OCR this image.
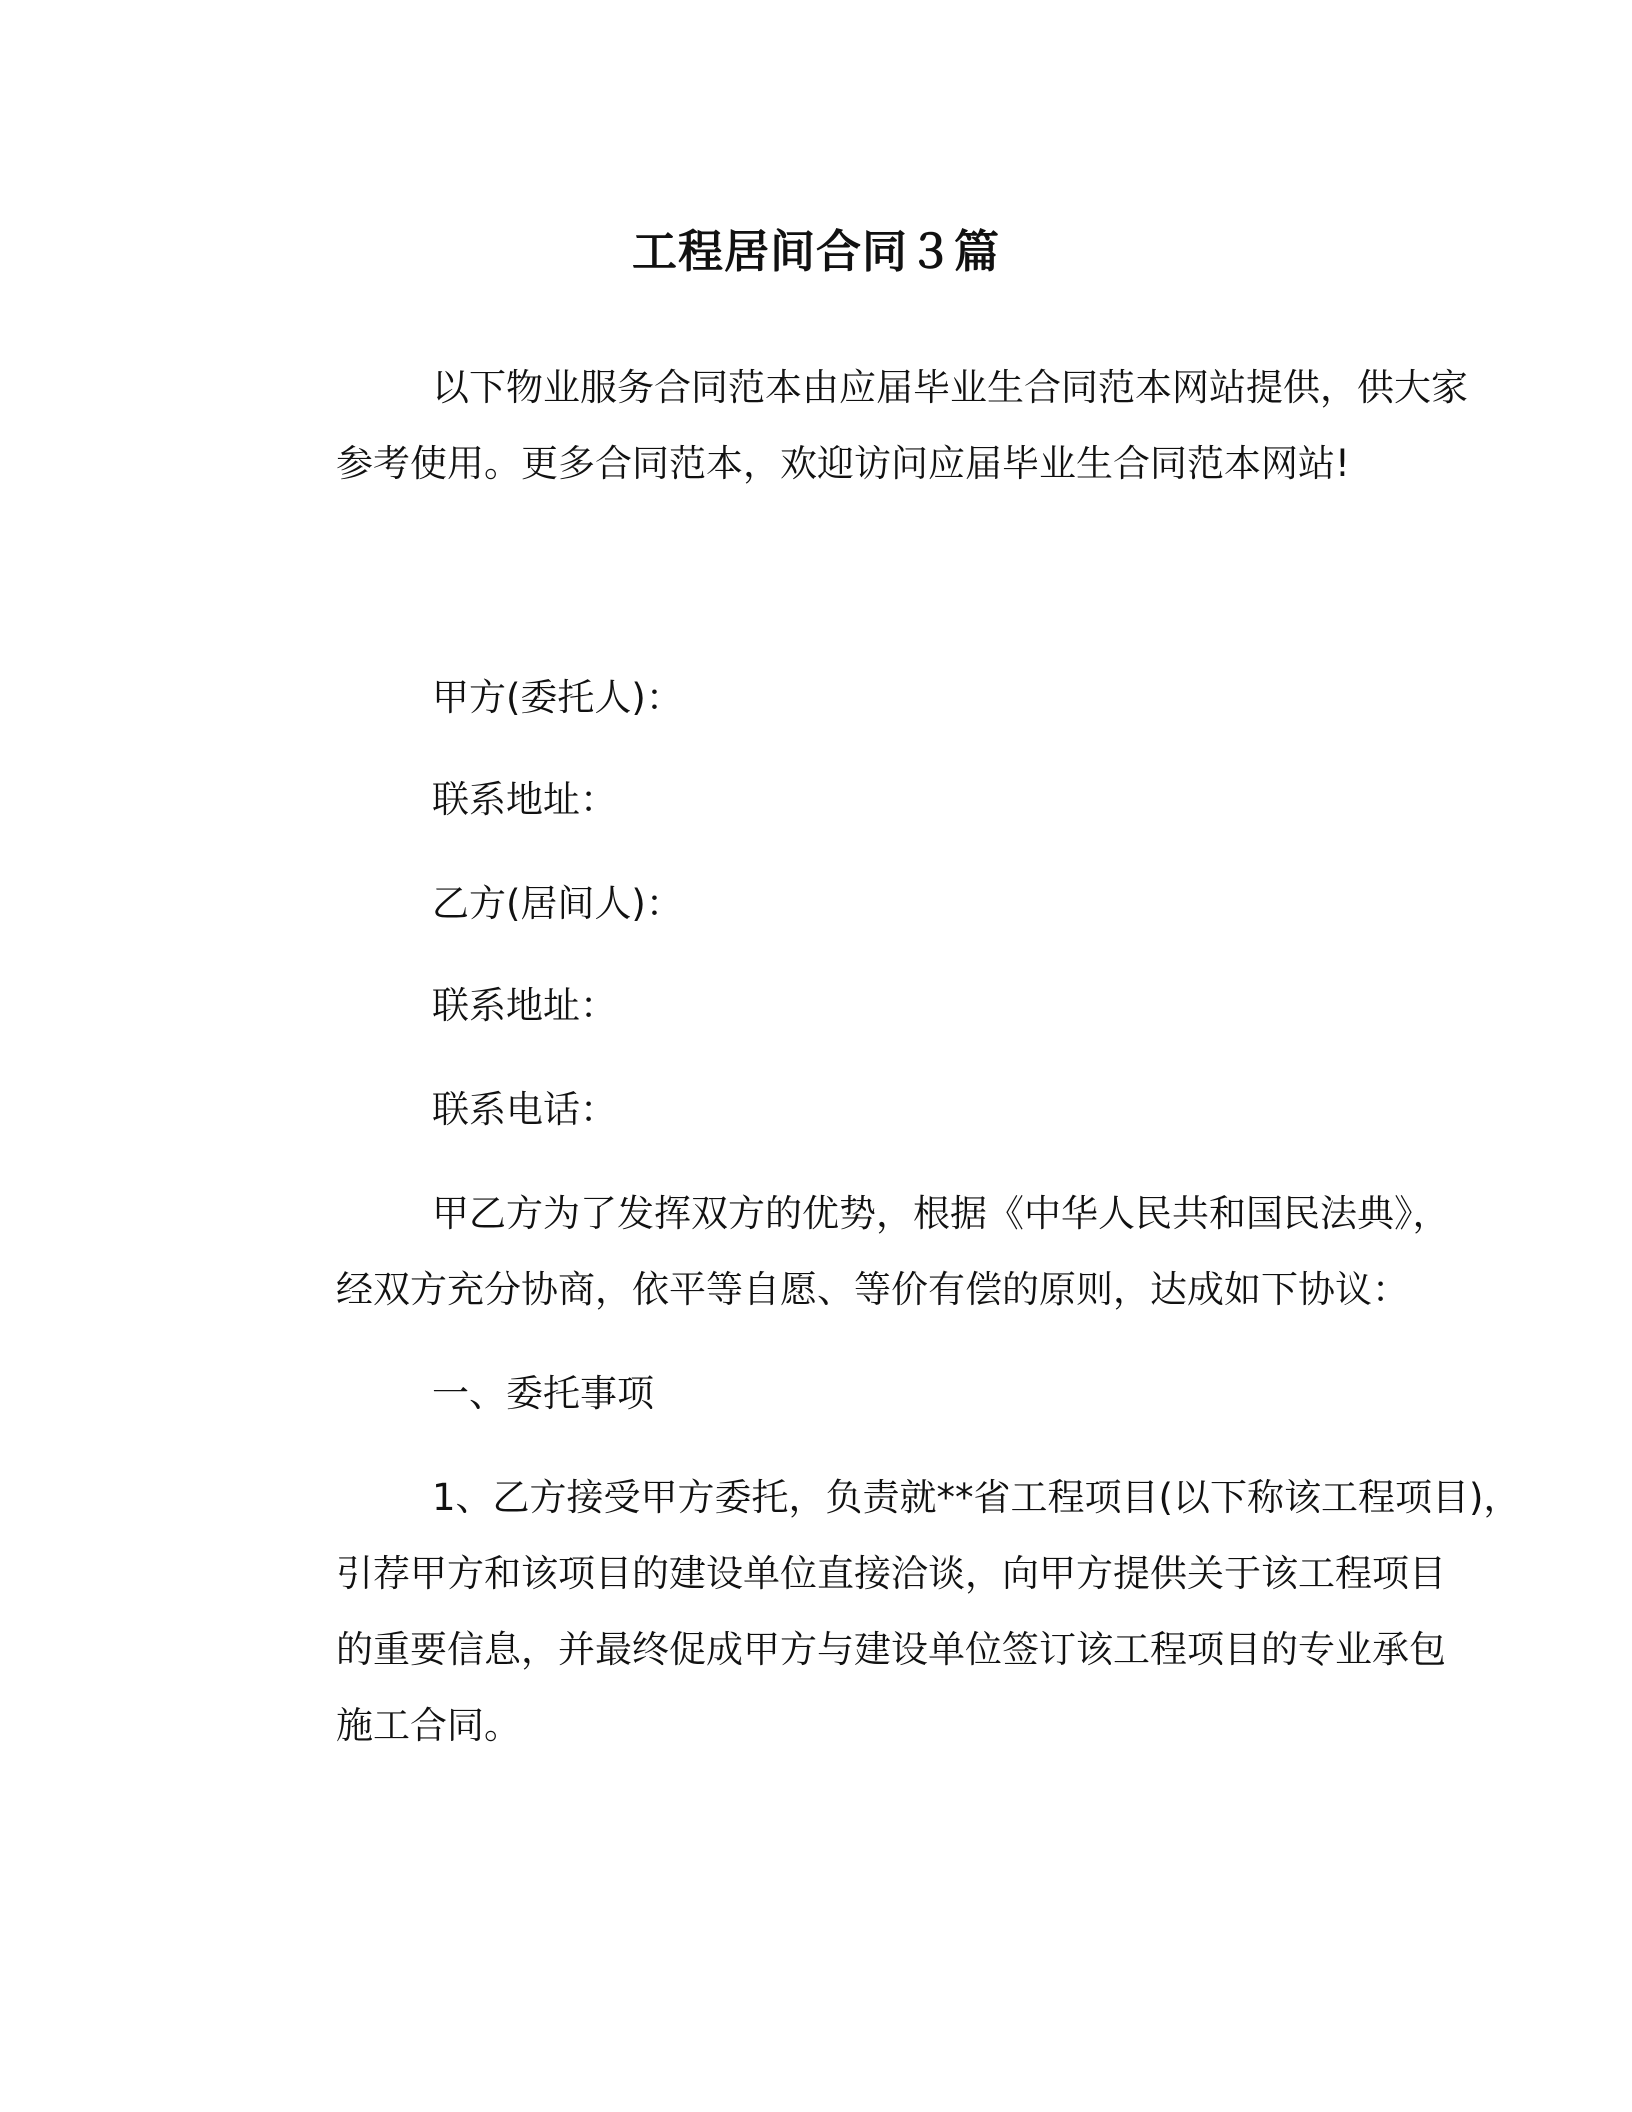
工程居间合同３篇
以下物业服务合同范本由应届毕业生合同范本网站提供，供大家
参考使用。更多合同范本，欢迎访问应届毕业生合同范本网站!
甲方(委托人)：
联系地址：
乙方(居间人)：
联系地址：
联系电话：
甲乙方为了发挥双方的优势，根据《中华人民共和国民法典》，
经双方充分协商，依平等自愿、等价有偿的原则，达成如下协议：
一、委托事项
1、乙方接受甲方委托，负责就**省工程项目(以下称该工程项目)，
引荐甲方和该项目的建设单位直接洽谈，向甲方提供关于该工程项目
的重要信息，并最终促成甲方与建设单位签订该工程项目的专业承包
施工合同。
